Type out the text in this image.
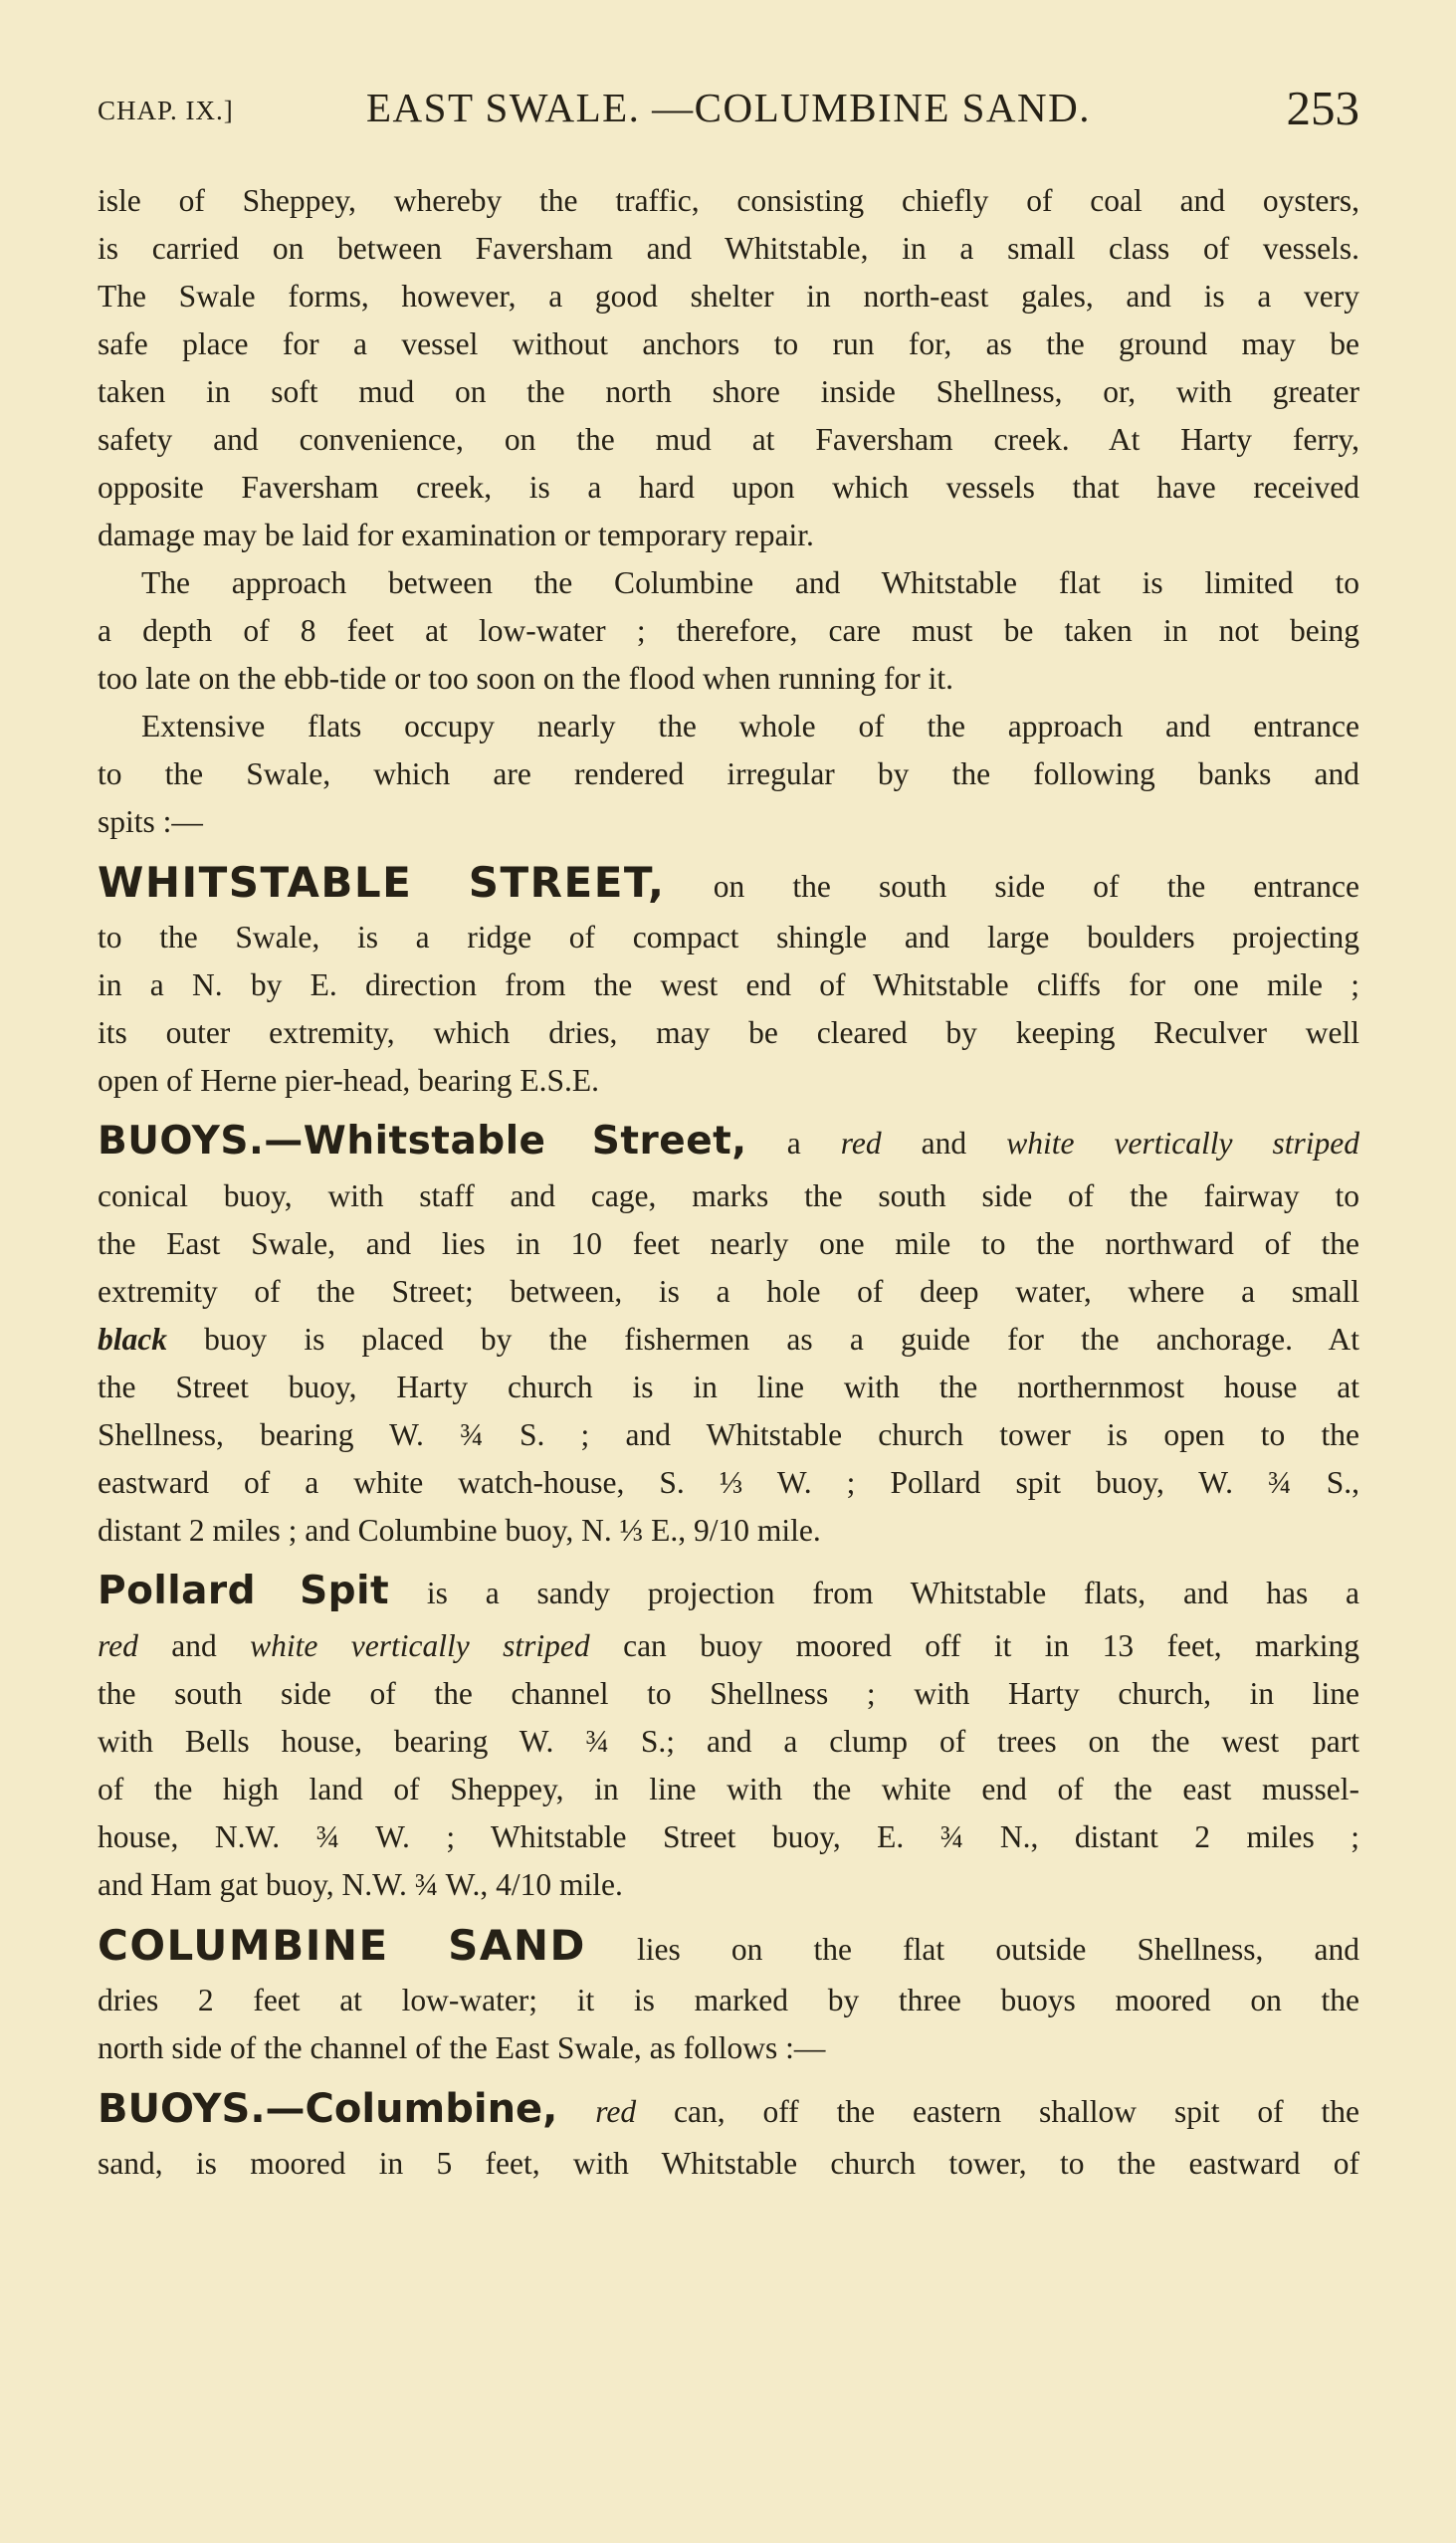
CHAP. IX.]	EAST SWALE. —COLUMBINE SAND.	253
isle of Sheppey, whereby the traffic, consisting chiefly of coal and oysters,
is carried on between Faversham and Whitstable, in a small class of vessels.
The Swale forms, however, a good shelter in north-east gales, and is a very
safe place for a vessel without anchors to run for, as the ground may be
taken in soft mud on the north shore inside Shellness, or, with greater
safety and convenience, on the mud at Faversham creek. At Harty ferry,
opposite Faversham creek, is a hard upon which vessels that have received
damage may be laid for examination or temporary repair.
The approach between the Columbine and Whitstable flat is limited to
a depth of 8 feet at low-water ; therefore, care must be taken in not being
too late on the ebb-tide or too soon on the flood when running for it.
Extensive flats occupy nearly the whole of the approach and entrance
to the Swale, which are rendered irregular by the following banks and
spits :—
WHITSTABLE STREET, on the south side of the entrance
to the Swale, is a ridge of compact shingle and large boulders projecting
in a N. by E. direction from the west end of Whitstable cliffs for one mile ;
its outer extremity, which dries, may be cleared by keeping Reculver well
open of Herne pier-head, bearing E.S.E.
BUOYS.—Whitstable Street, a red and white vertically striped
conical buoy, with staff and cage, marks the south side of the fairway to
the East Swale, and lies in 10 feet nearly one mile to the northward of the
extremity of the Street; between, is a hole of deep water, where a small
black buoy is placed by the fishermen as a guide for the anchorage. At
the Street buoy, Harty church is in line with the northernmost house at
Shellness, bearing W. ¾ S. ; and Whitstable church tower is open to the
eastward of a white watch-house, S. ⅓ W. ; Pollard spit buoy, W. ¾ S.,
distant 2 miles ; and Columbine buoy, N. ⅓ E., 9/10 mile.
Pollard Spit is a sandy projection from Whitstable flats, and has a
red and white vertically striped can buoy moored off it in 13 feet, marking
the south side of the channel to Shellness ; with Harty church, in line
with Bells house, bearing W. ¾ S.; and a clump of trees on the west part
of the high land of Sheppey, in line with the white end of the east mussel-
house, N.W. ¾ W. ; Whitstable Street buoy, E. ¾ N., distant 2 miles ;
and Ham gat buoy, N.W. ¾ W., 4/10 mile.
COLUMBINE SAND lies on the flat outside Shellness, and
dries 2 feet at low-water; it is marked by three buoys moored on the
north side of the channel of the East Swale, as follows :—
BUOYS.—Columbine, red can, off the eastern shallow spit of the
sand, is moored in 5 feet, with Whitstable church tower, to the eastward of
